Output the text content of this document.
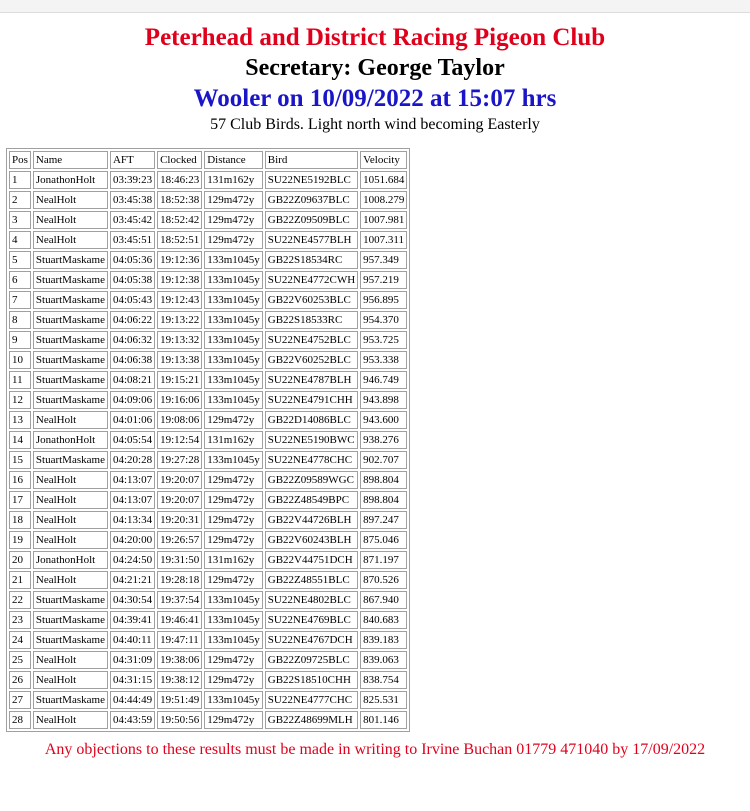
Peterhead and District Racing Pigeon Club
Secretary: George Taylor
Wooler on 10/09/2022 at 15:07 hrs

57 Club Birds. Light north wind becoming Easterly

Pos	Name	AFT	Clocked	Distance	Bird	Velocity
1	JonathonHolt	03:39:23	18:46:23	131m162y	SU22NE5192BLC	1051.684
2	NealHolt	03:45:38	18:52:38	129m472y	GB22Z09637BLC	1008.279
3	NealHolt	03:45:42	18:52:42	129m472y	GB22Z09509BLC	1007.981
4	NealHolt	03:45:51	18:52:51	129m472y	SU22NE4577BLH	1007.311
5	StuartMaskame	04:05:36	19:12:36	133m1045y	GB22S18534RC	957.349
6	StuartMaskame	04:05:38	19:12:38	133m1045y	SU22NE4772CWH	957.219
7	StuartMaskame	04:05:43	19:12:43	133m1045y	GB22V60253BLC	956.895
8	StuartMaskame	04:06:22	19:13:22	133m1045y	GB22S18533RC	954.370
9	StuartMaskame	04:06:32	19:13:32	133m1045y	SU22NE4752BLC	953.725
10	StuartMaskame	04:06:38	19:13:38	133m1045y	GB22V60252BLC	953.338
11	StuartMaskame	04:08:21	19:15:21	133m1045y	SU22NE4787BLH	946.749
12	StuartMaskame	04:09:06	19:16:06	133m1045y	SU22NE4791CHH	943.898
13	NealHolt	04:01:06	19:08:06	129m472y	GB22D14086BLC	943.600
14	JonathonHolt	04:05:54	19:12:54	131m162y	SU22NE5190BWC	938.276
15	StuartMaskame	04:20:28	19:27:28	133m1045y	SU22NE4778CHC	902.707
16	NealHolt	04:13:07	19:20:07	129m472y	GB22Z09589WGC	898.804
17	NealHolt	04:13:07	19:20:07	129m472y	GB22Z48549BPC	898.804
18	NealHolt	04:13:34	19:20:31	129m472y	GB22V44726BLH	897.247
19	NealHolt	04:20:00	19:26:57	129m472y	GB22V60243BLH	875.046
20	JonathonHolt	04:24:50	19:31:50	131m162y	GB22V44751DCH	871.197
21	NealHolt	04:21:21	19:28:18	129m472y	GB22Z48551BLC	870.526
22	StuartMaskame	04:30:54	19:37:54	133m1045y	SU22NE4802BLC	867.940
23	StuartMaskame	04:39:41	19:46:41	133m1045y	SU22NE4769BLC	840.683
24	StuartMaskame	04:40:11	19:47:11	133m1045y	SU22NE4767DCH	839.183
25	NealHolt	04:31:09	19:38:06	129m472y	GB22Z09725BLC	839.063
26	NealHolt	04:31:15	19:38:12	129m472y	GB22S18510CHH	838.754
27	StuartMaskame	04:44:49	19:51:49	133m1045y	SU22NE4777CHC	825.531
28	NealHolt	04:43:59	19:50:56	129m472y	GB22Z48699MLH	801.146
Any objections to these results must be made in writing to Irvine Buchan 01779 471040 by 17/09/2022
